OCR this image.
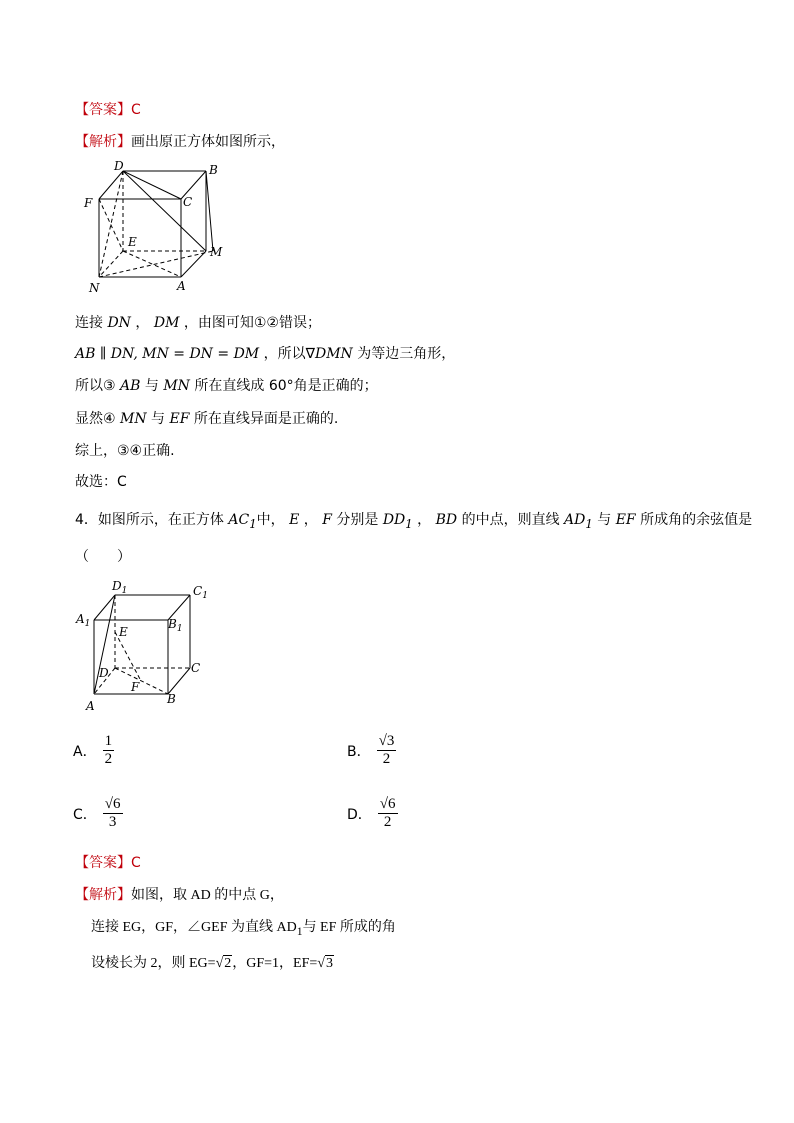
【答案】C
【解析】画出原正方体如图所示，
D	B
F	C
E
M
N	A
连接 DN ， DM ，由图可知①②错误；
AB ∥ DN, MN = DN = DM ，所以∇DMN 为等边三角形，
所以③ AB 与 MN 所在直线成 60°角是正确的；
显然④ MN 与 EF 所在直线异面是正确的.
综上，③④正确.
故选：C
4．如图所示，在正方体 $AC_1$中， E ， F 分别是 $DD_1$ ， BD 的中点，则直线 $AD_1$ 与 EF 所成角的余弦值是
（　　）
$D_1$	$C_1$
$A_1$	$B_1$
E
C
D
F
A	B
A． $\frac{1}{2}$	B． $\frac{√3}{2}$
C． $\frac{√6}{3}$	D． $\frac{√6}{2}$
【答案】C
【解析】如图，取 AD 的中点 G，
连接 EG，GF，∠GEF 为直线 $AD_1$与 EF 所成的角
设棱长为 2，则 EG=√2，GF=1，EF=√3
